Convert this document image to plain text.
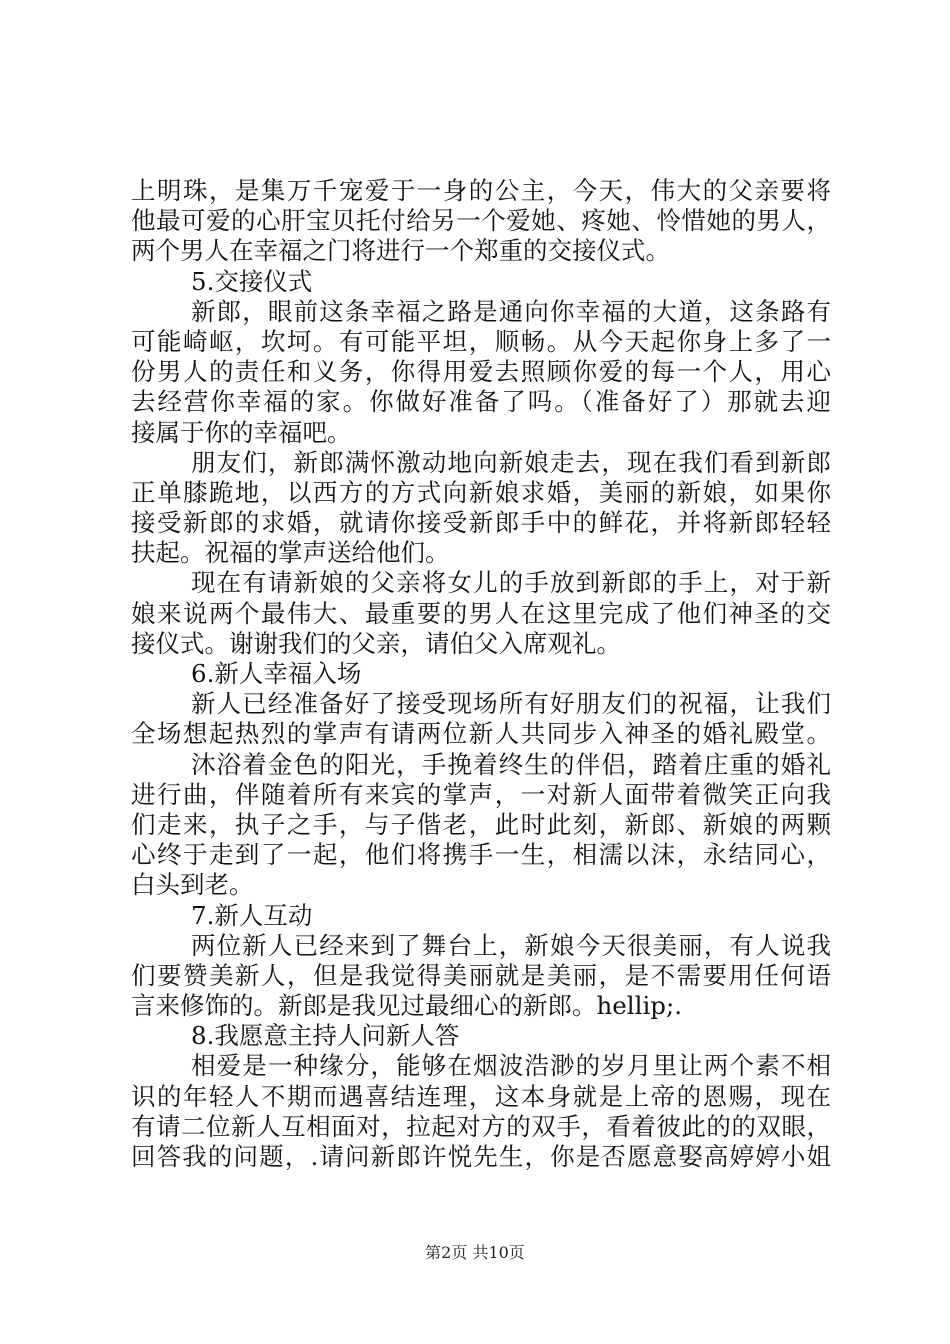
上明珠，是集万千宠爱于一身的公主，今天，伟大的父亲要将
他最可爱的心肝宝贝托付给另一个爱她、疼她、怜惜她的男人，
两个男人在幸福之门将进行一个郑重的交接仪式。
5.交接仪式
新郎，眼前这条幸福之路是通向你幸福的大道，这条路有
可能崎岖，坎坷。有可能平坦，顺畅。从今天起你身上多了一
份男人的责任和义务，你得用爱去照顾你爱的每一个人，用心
去经营你幸福的家。你做好准备了吗。（准备好了）那就去迎
接属于你的幸福吧。
朋友们，新郎满怀激动地向新娘走去，现在我们看到新郎
正单膝跪地，以西方的方式向新娘求婚，美丽的新娘，如果你
接受新郎的求婚，就请你接受新郎手中的鲜花，并将新郎轻轻
扶起。祝福的掌声送给他们。
现在有请新娘的父亲将女儿的手放到新郎的手上，对于新
娘来说两个最伟大、最重要的男人在这里完成了他们神圣的交
接仪式。谢谢我们的父亲，请伯父入席观礼。
6.新人幸福入场
新人已经准备好了接受现场所有好朋友们的祝福，让我们
全场想起热烈的掌声有请两位新人共同步入神圣的婚礼殿堂。
沐浴着金色的阳光，手挽着终生的伴侣，踏着庄重的婚礼
进行曲，伴随着所有来宾的掌声，一对新人面带着微笑正向我
们走来，执子之手，与子偕老，此时此刻，新郎、新娘的两颗
心终于走到了一起，他们将携手一生，相濡以沫，永结同心，
白头到老。
7.新人互动
两位新人已经来到了舞台上，新娘今天很美丽，有人说我
们要赞美新人，但是我觉得美丽就是美丽，是不需要用任何语
言来修饰的。新郎是我见过最细心的新郎。hellip;.
8.我愿意主持人问新人答
相爱是一种缘分，能够在烟波浩渺的岁月里让两个素不相
识的年轻人不期而遇喜结连理，这本身就是上帝的恩赐，现在
有请二位新人互相面对，拉起对方的双手，看着彼此的的双眼，
回答我的问题，.请问新郎许悦先生，你是否愿意娶高婷婷小姐
第2页 共10页
